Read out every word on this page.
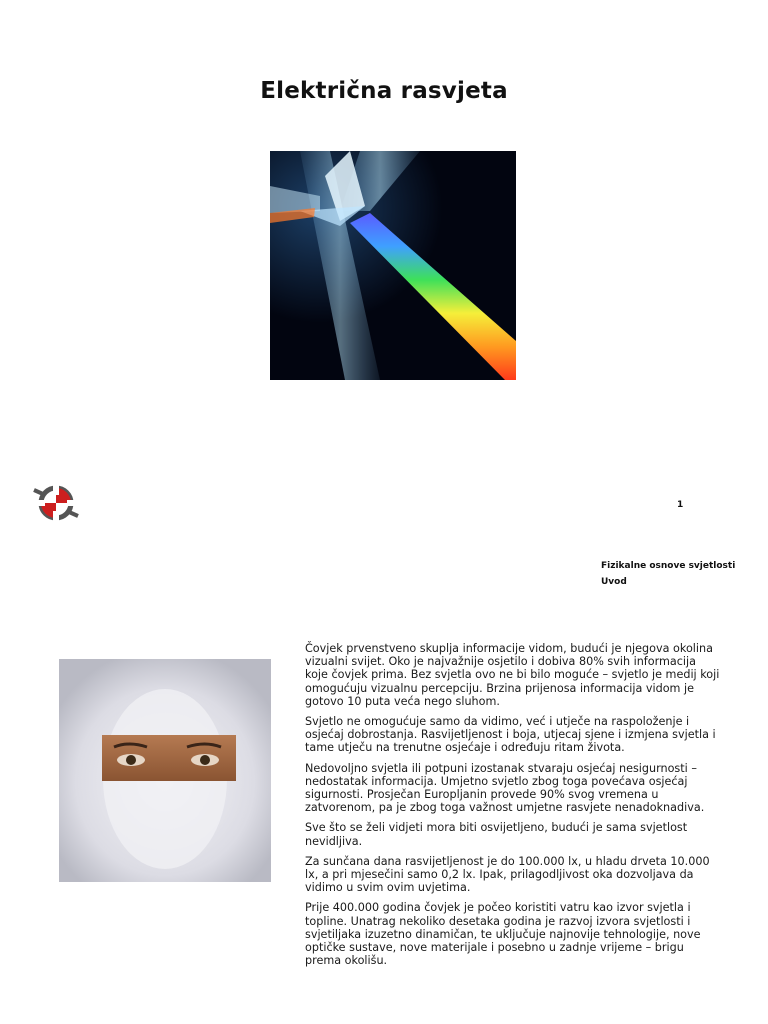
Električna rasvjeta
1
Fizikalne osnove svjetlosti
Uvod

Čovjek prvenstveno skuplja informacije vidom, budući je njegova okolina vizualni svijet. Oko je najvažnije osjetilo i dobiva 80% svih informacija koje čovjek prima. Bez svjetla ovo ne bi bilo moguće – svjetlo je medij koji omogućuju vizualnu percepciju. Brzina prijenosa informacija vidom je gotovo 10 puta veća nego sluhom.

Svjetlo ne omogućuje samo da vidimo, već i utječe na raspoloženje i osjećaj dobrostanja. Rasvijetljenost i boja, utjecaj sjene i izmjena svjetla i tame utječu na trenutne osjećaje i određuju ritam života.

Nedovoljno svjetla ili potpuni izostanak stvaraju osjećaj nesigurnosti – nedostatak informacija. Umjetno svjetlo zbog toga povećava osjećaj sigurnosti. Prosječan Europljanin provede 90% svog vremena u zatvorenom, pa je zbog toga važnost umjetne rasvjete nenadoknadiva.

Sve što se želi vidjeti mora biti osvijetljeno, budući je sama svjetlost nevidljiva.

Za sunčana dana rasvijetljenost je do 100.000 lx, u hladu drveta 10.000 lx, a pri mjesečini samo 0,2 lx. Ipak, prilagodljivost oka dozvoljava da vidimo u svim ovim uvjetima.

Prije 400.000 godina čovjek je počeo koristiti vatru kao izvor svjetla i topline. Unatrag nekoliko desetaka godina je razvoj izvora svjetlosti i svjetiljaka izuzetno dinamičan, te uključuje najnovije tehnologije, nove optičke sustave, nove materijale i posebno u zadnje vrijeme – brigu prema okolišu.
